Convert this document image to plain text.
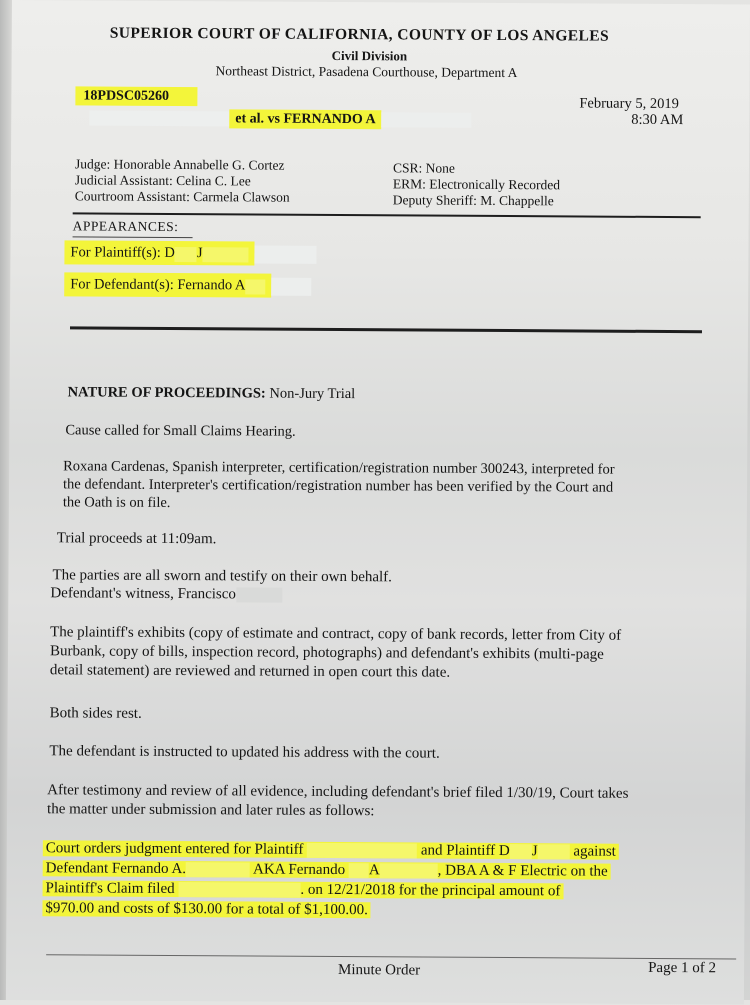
SUPERIOR COURT OF CALIFORNIA, COUNTY OF LOS ANGELES
Civil Division
Northeast District, Pasadena Courthouse, Department A
18PDSC05260
et al. vs FERNANDO A
February 5, 2019
8:30 AM
Judge: Honorable Annabelle G. Cortez
Judicial Assistant: Celina C. Lee
Courtroom Assistant: Carmela Clawson
CSR: None
ERM: Electronically Recorded
Deputy Sheriff: M. Chappelle
APPEARANCES:
For Plaintiff(s): D J
For Defendant(s): Fernando A
NATURE OF PROCEEDINGS: Non-Jury Trial
Cause called for Small Claims Hearing.
Roxana Cardenas, Spanish interpreter, certification/registration number 300243, interpreted for
the defendant. Interpreter's certification/registration number has been verified by the Court and
the Oath is on file.
Trial proceeds at 11:09am.
The parties are all sworn and testify on their own behalf.
Defendant's witness, Francisco
The plaintiff's exhibits (copy of estimate and contract, copy of bank records, letter from City of
Burbank, copy of bills, inspection record, photographs) and defendant's exhibits (multi-page
detail statement) are reviewed and returned in open court this date.
Both sides rest.
The defendant is instructed to updated his address with the court.
After testimony and review of all evidence, including defendant's brief filed 1/30/19, Court takes
the matter under submission and later rules as follows:
Court orders judgment entered for Plaintiff	and Plaintiff D J against
Defendant Fernando A.	AKA Fernando A	, DBA A & F Electric on the
Plaintiff's Claim filed	. on 12/21/2018 for the principal amount of
$970.00 and costs of $130.00 for a total of $1,100.00.
Minute Order	Page 1 of 2
